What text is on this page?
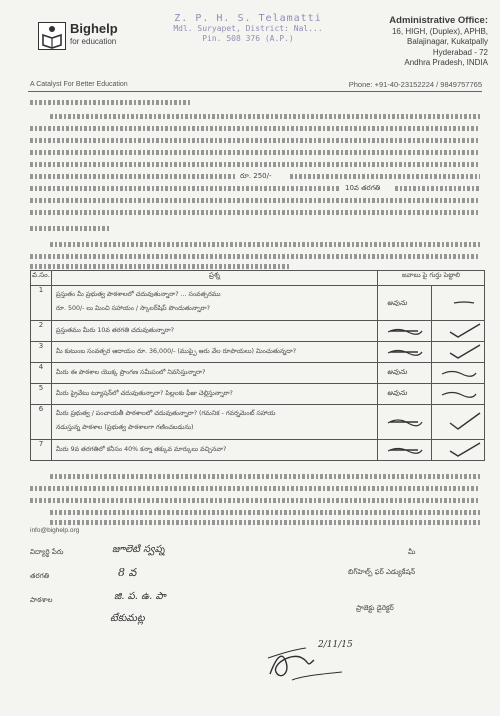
Bighelp
for education
Z. P. H. S. Telamatti
Mdl. Suryapet, District: Nal...
Pin. 508 376 (A.P.)
Administrative Office:
16, HIGH, (Duplex), APHB,
Balajinagar, Kukatpally
Hyderabad - 72
Andhra Pradesh, INDIA
A Catalyst For Better Education	Phone: +91-40-23152224 / 9849757765
రూ. 250/-
10వ తరగతి
వ.సం.	ప్రశ్న	జవాబు పై గుర్తు పెట్టాలి
1
ప్రస్తుతం మీ ప్రభుత్వ పాఠశాలలో చదువుతున్నారా? ... సంవత్సరము
రూ. 500/- లు మించి సహాయం / స్కాలర్‌షిప్ పొందుతున్నారా?
అవును
2
ప్రస్తుతము మీరు 10వ తరగతి చదువుతున్నారా?
3
మీ కుటుంబ సంవత్సర ఆదాయం రూ. 36,000/- (ముప్పై ఆరు వేల రూపాయలు) మించుతున్నదా?
4
మీరు ఈ పాఠశాల యొక్క ప్రాంగణ సమీపంలో నివసిస్తున్నారా?	అవును
5
మీరు ప్రైవేటు ట్యూషన్‌లో చదువుతున్నారా? పిల్లలకు ఫీజు చెల్లిస్తున్నారా?	అవును
6
మీరు ప్రభుత్వ / పంచాయతీ పాఠశాలలో చదువుతున్నారా? (గమనిక - గవర్నమెంట్ సహాయ
నడుస్తున్న పాఠశాల (ప్రభుత్వ పాఠశాలగా గణించబడును)
7
మీరు 9వ తరగతిలో కనీసం 40% కన్నా తక్కువ మార్కులు వచ్చినవా?
info@bighelp.org
విద్యార్థి పేరు	జూలెటి స్వప్న
తరగతి	8 వ
పాఠశాల	జి. ప. ఉ. పా
టేకుమట్ల
మీ
బిగ్‌హెల్ప్ ఫర్ ఎడ్యుకేషన్
ప్రాజెక్టు డైరెక్టర్
2/11/15
